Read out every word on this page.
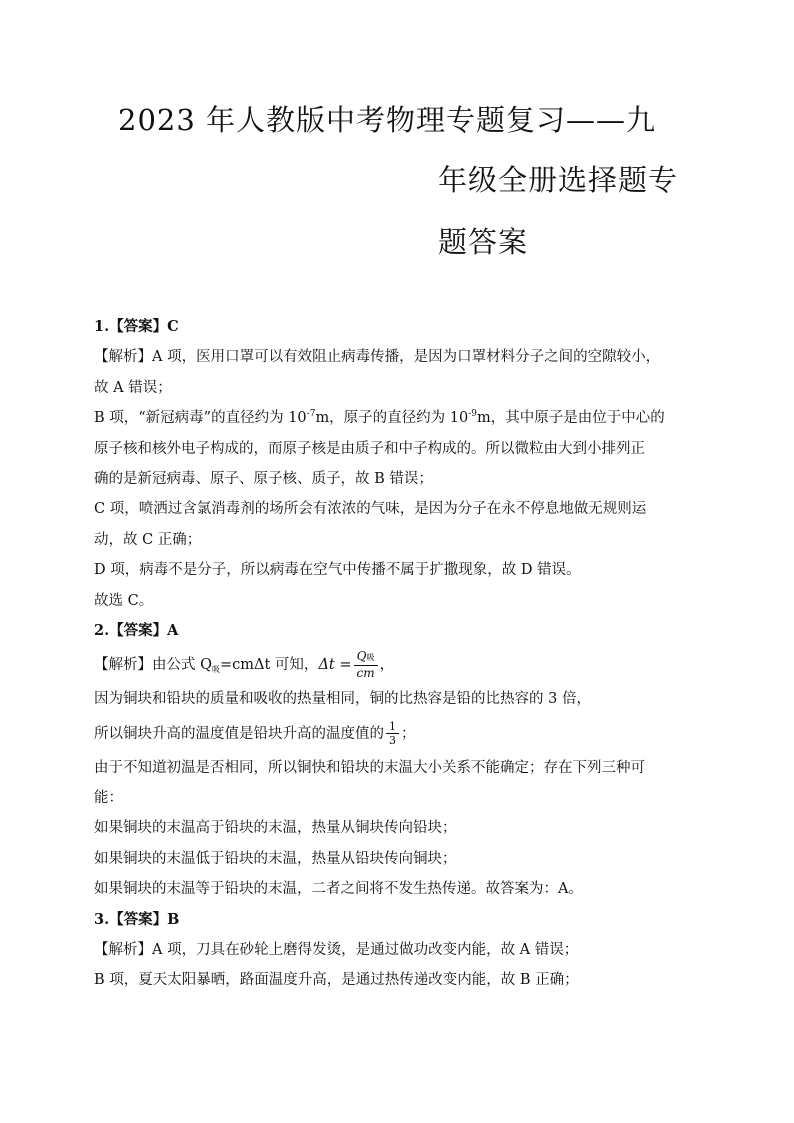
2023 年人教版中考物理专题复习——九
年级全册选择题专
题答案
1.【答案】C
【解析】A 项，医用口罩可以有效阻止病毒传播，是因为口罩材料分子之间的空隙较小，
故 A 错误；
B 项，“新冠病毒”的直径约为 $10^{-7}m$，原子的直径约为 $10^{-9}m$，其中原子是由位于中心的
原子核和核外电子构成的，而原子核是由质子和中子构成的。所以微粒由大到小排列正
确的是新冠病毒、原子、原子核、质子，故 B 错误；
C 项，喷洒过含氯消毒剂的场所会有浓浓的气味，是因为分子在永不停息地做无规则运
动，故 C 正确；
D 项，病毒不是分子，所以病毒在空气中传播不属于扩撒现象，故 D 错误。
故选 C。
2.【答案】A
【解析】由公式 $Q_吸=cm\Delta t$ 可知，$\Delta t = \frac{\text{Q吸}}{cm}$ ，
因为铜块和铅块的质量和吸收的热量相同，铜的比热容是铅的比热容的 3 倍，
所以铜块升高的温度值是铅块升高的温度值的 $\frac{1}{3}$ ；
由于不知道初温是否相同，所以铜快和铅块的末温大小关系不能确定；存在下列三种可
能：
如果铜块的末温高于铅块的末温，热量从铜块传向铅块；
如果铜块的末温低于铅块的末温，热量从铅块传向铜块；
如果铜块的末温等于铅块的末温，二者之间将不发生热传递。故答案为：A。
3.【答案】B
【解析】A 项，刀具在砂轮上磨得发烫，是通过做功改变内能，故 A 错误；
B 项，夏天太阳暴晒，路面温度升高，是通过热传递改变内能，故 B 正确；
